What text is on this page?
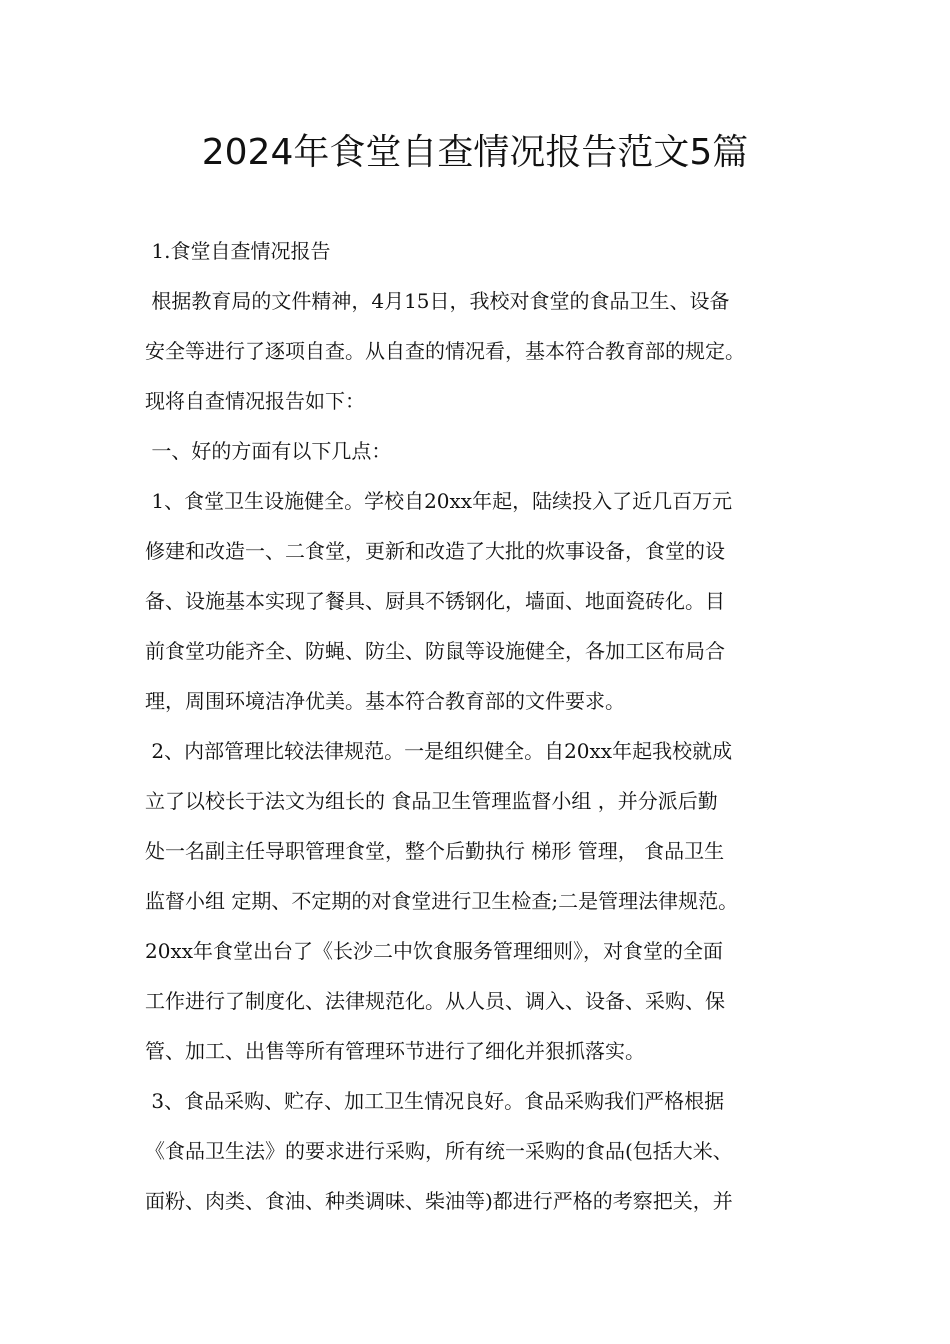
2024年食堂自查情况报告范文5篇
1.食堂自查情况报告
根据教育局的文件精神，4月15日，我校对食堂的食品卫生、设备
安全等进行了逐项自查。从自查的情况看，基本符合教育部的规定。
现将自查情况报告如下：
一、好的方面有以下几点：
1、食堂卫生设施健全。学校自20xx年起，陆续投入了近几百万元
修建和改造一、二食堂，更新和改造了大批的炊事设备，食堂的设
备、设施基本实现了餐具、厨具不锈钢化，墙面、地面瓷砖化。目
前食堂功能齐全、防蝇、防尘、防鼠等设施健全，各加工区布局合
理，周围环境洁净优美。基本符合教育部的文件要求。
2、内部管理比较法律规范。一是组织健全。自20xx年起我校就成
立了以校长于法文为组长的 食品卫生管理监督小组 ，并分派后勤
处一名副主任导职管理食堂，整个后勤执行 梯形 管理， 食品卫生
监督小组 定期、不定期的对食堂进行卫生检查;二是管理法律规范。
20xx年食堂出台了《长沙二中饮食服务管理细则》，对食堂的全面
工作进行了制度化、法律规范化。从人员、调入、设备、采购、保
管、加工、出售等所有管理环节进行了细化并狠抓落实。
3、食品采购、贮存、加工卫生情况良好。食品采购我们严格根据
《食品卫生法》的要求进行采购，所有统一采购的食品(包括大米、
面粉、肉类、食油、种类调味、柴油等)都进行严格的考察把关，并
